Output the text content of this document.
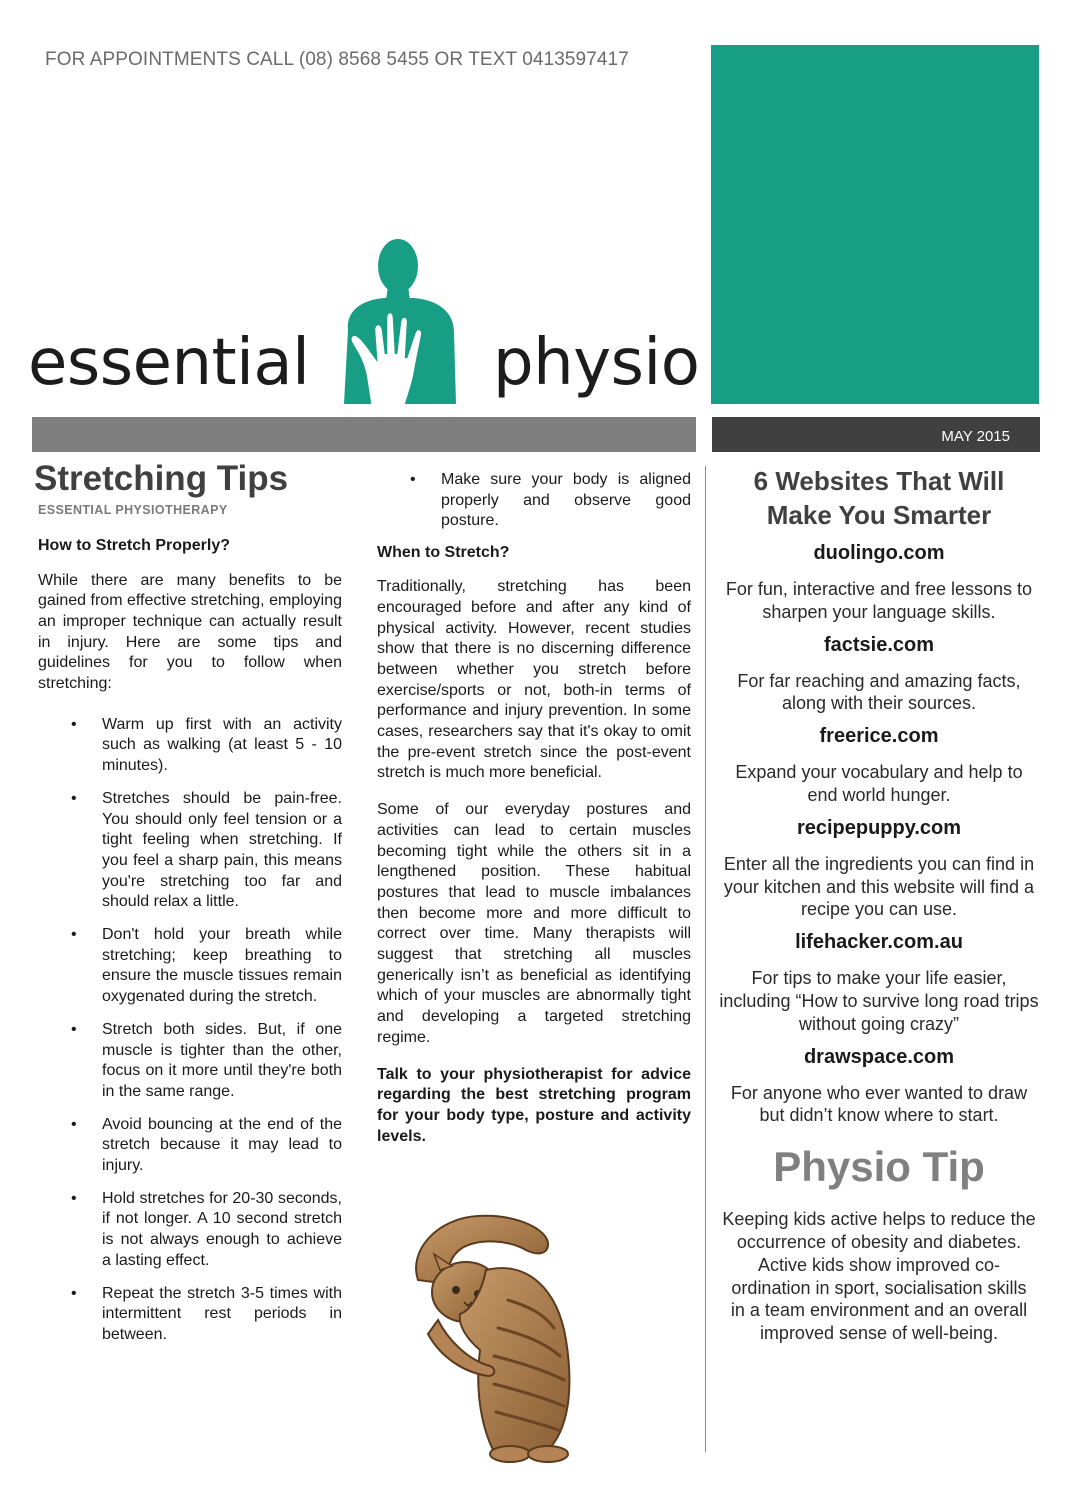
FOR APPOINTMENTS CALL (08) 8568 5455 OR TEXT 0413597417
essential	physio
MAY 2015
Stretching Tips
ESSENTIAL PHYSIOTHERAPY
How to Stretch Properly?

While there are many benefits to be gained from effective stretching, employing an improper technique can actually result in injury. Here are some tips and guidelines for you to follow when stretching:

• Warm up first with an activity such as walking (at least 5 - 10 minutes).
• Stretches should be pain-free. You should only feel tension or a tight feeling when stretching. If you feel a sharp pain, this means you're stretching too far and should relax a little.
• Don't hold your breath while stretching; keep breathing to ensure the muscle tissues remain oxygenated during the stretch.
• Stretch both sides. But, if one muscle is tighter than the other, focus on it more until they're both in the same range.
• Avoid bouncing at the end of the stretch because it may lead to injury.
• Hold stretches for 20-30 seconds, if not longer. A 10 second stretch is not always enough to achieve a lasting effect.
• Repeat the stretch 3-5 times with intermittent rest periods in between.
• Make sure your body is aligned properly and observe good posture.
When to Stretch?

Traditionally, stretching has been encouraged before and after any kind of physical activity. However, recent studies show that there is no discerning difference between whether you stretch before exercise/sports or not, both-in terms of performance and injury prevention. In some cases, researchers say that it's okay to omit the pre-event stretch since the post-event stretch is much more beneficial.

Some of our everyday postures and activities can lead to certain muscles becoming tight while the others sit in a lengthened position. These habitual postures that lead to muscle imbalances then become more and more difficult to correct over time. Many therapists will suggest that stretching all muscles generically isn’t as beneficial as identifying which of your muscles are abnormally tight and developing a targeted stretching regime.

Talk to your physiotherapist for advice regarding the best stretching program for your body type, posture and activity levels.

6 Websites That Will Make You Smarter
duolingo.com
For fun, interactive and free lessons to sharpen your language skills.
factsie.com
For far reaching and amazing facts, along with their sources.
freerice.com
Expand your vocabulary and help to end world hunger.
recipepuppy.com
Enter all the ingredients you can find in your kitchen and this website will find a recipe you can use.
lifehacker.com.au
For tips to make your life easier, including “How to survive long road trips without going crazy”
drawspace.com
For anyone who ever wanted to draw but didn’t know where to start.
Physio Tip
Keeping kids active helps to reduce the occurrence of obesity and diabetes. Active kids show improved co-ordination in sport, socialisation skills in a team environment and an overall improved sense of well-being.
